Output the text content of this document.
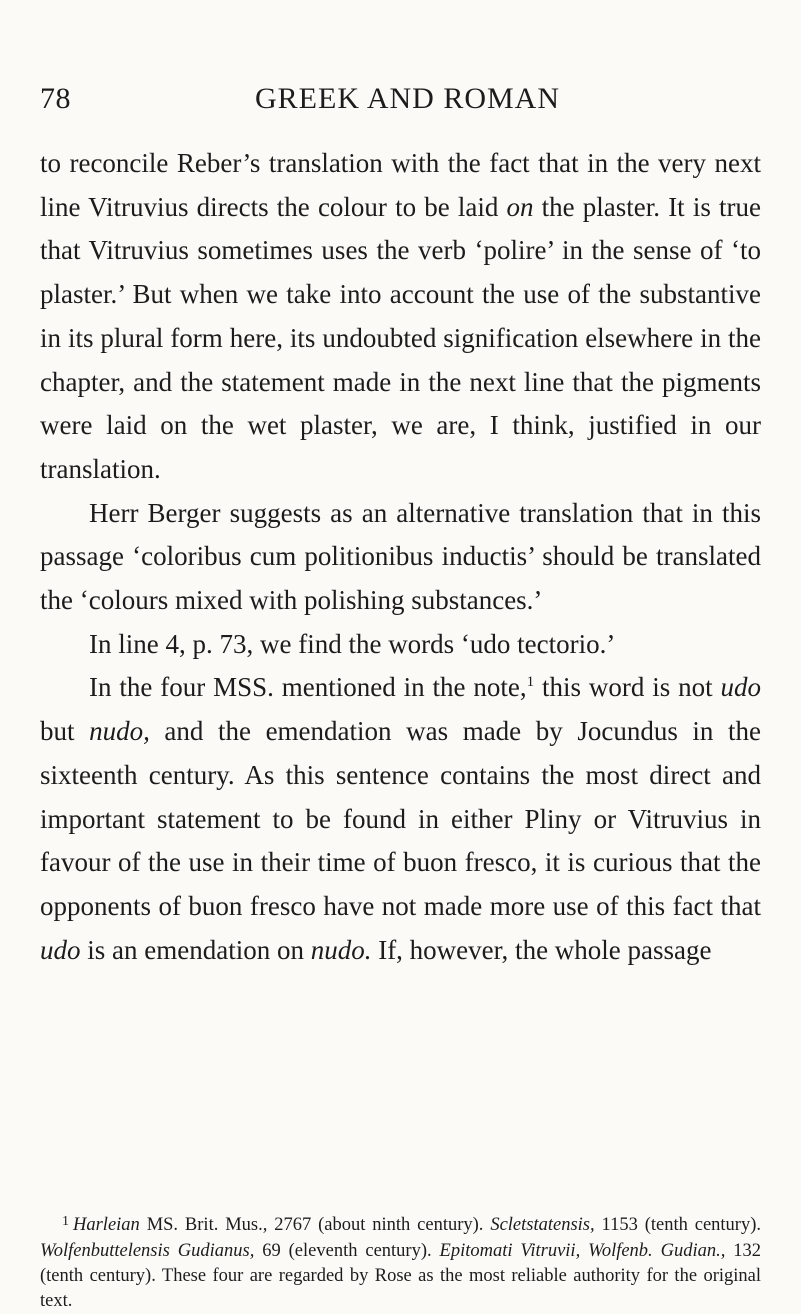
78	GREEK AND ROMAN

to reconcile Reber’s translation with the fact that in the very next line Vitruvius directs the colour to be laid on the plaster. It is true that Vitruvius sometimes uses the verb ‘polire’ in the sense of ‘to plaster.’ But when we take into account the use of the substantive in its plural form here, its undoubted signification elsewhere in the chapter, and the statement made in the next line that the pigments were laid on the wet plaster, we are, I think, justified in our translation.

Herr Berger suggests as an alternative translation that in this passage ‘coloribus cum politionibus inductis’ should be translated the ‘colours mixed with polishing substances.’

In line 4, p. 73, we find the words ‘udo tectorio.’

In the four MSS. mentioned in the note,$^1$ this word is not udo but nudo, and the emendation was made by Jocundus in the sixteenth century. As this sentence contains the most direct and important statement to be found in either Pliny or Vitruvius in favour of the use in their time of buon fresco, it is curious that the opponents of buon fresco have not made more use of this fact that udo is an emendation on nudo. If, however, the whole passage

$^1$ Harleian MS. Brit. Mus., 2767 (about ninth century). Scletstatensis, 1153 (tenth century). Wolfenbuttelensis Gudianus, 69 (eleventh century). Epitomati Vitruvii, Wolfenb. Gudian., 132 (tenth century). These four are regarded by Rose as the most reliable authority for the original text.
